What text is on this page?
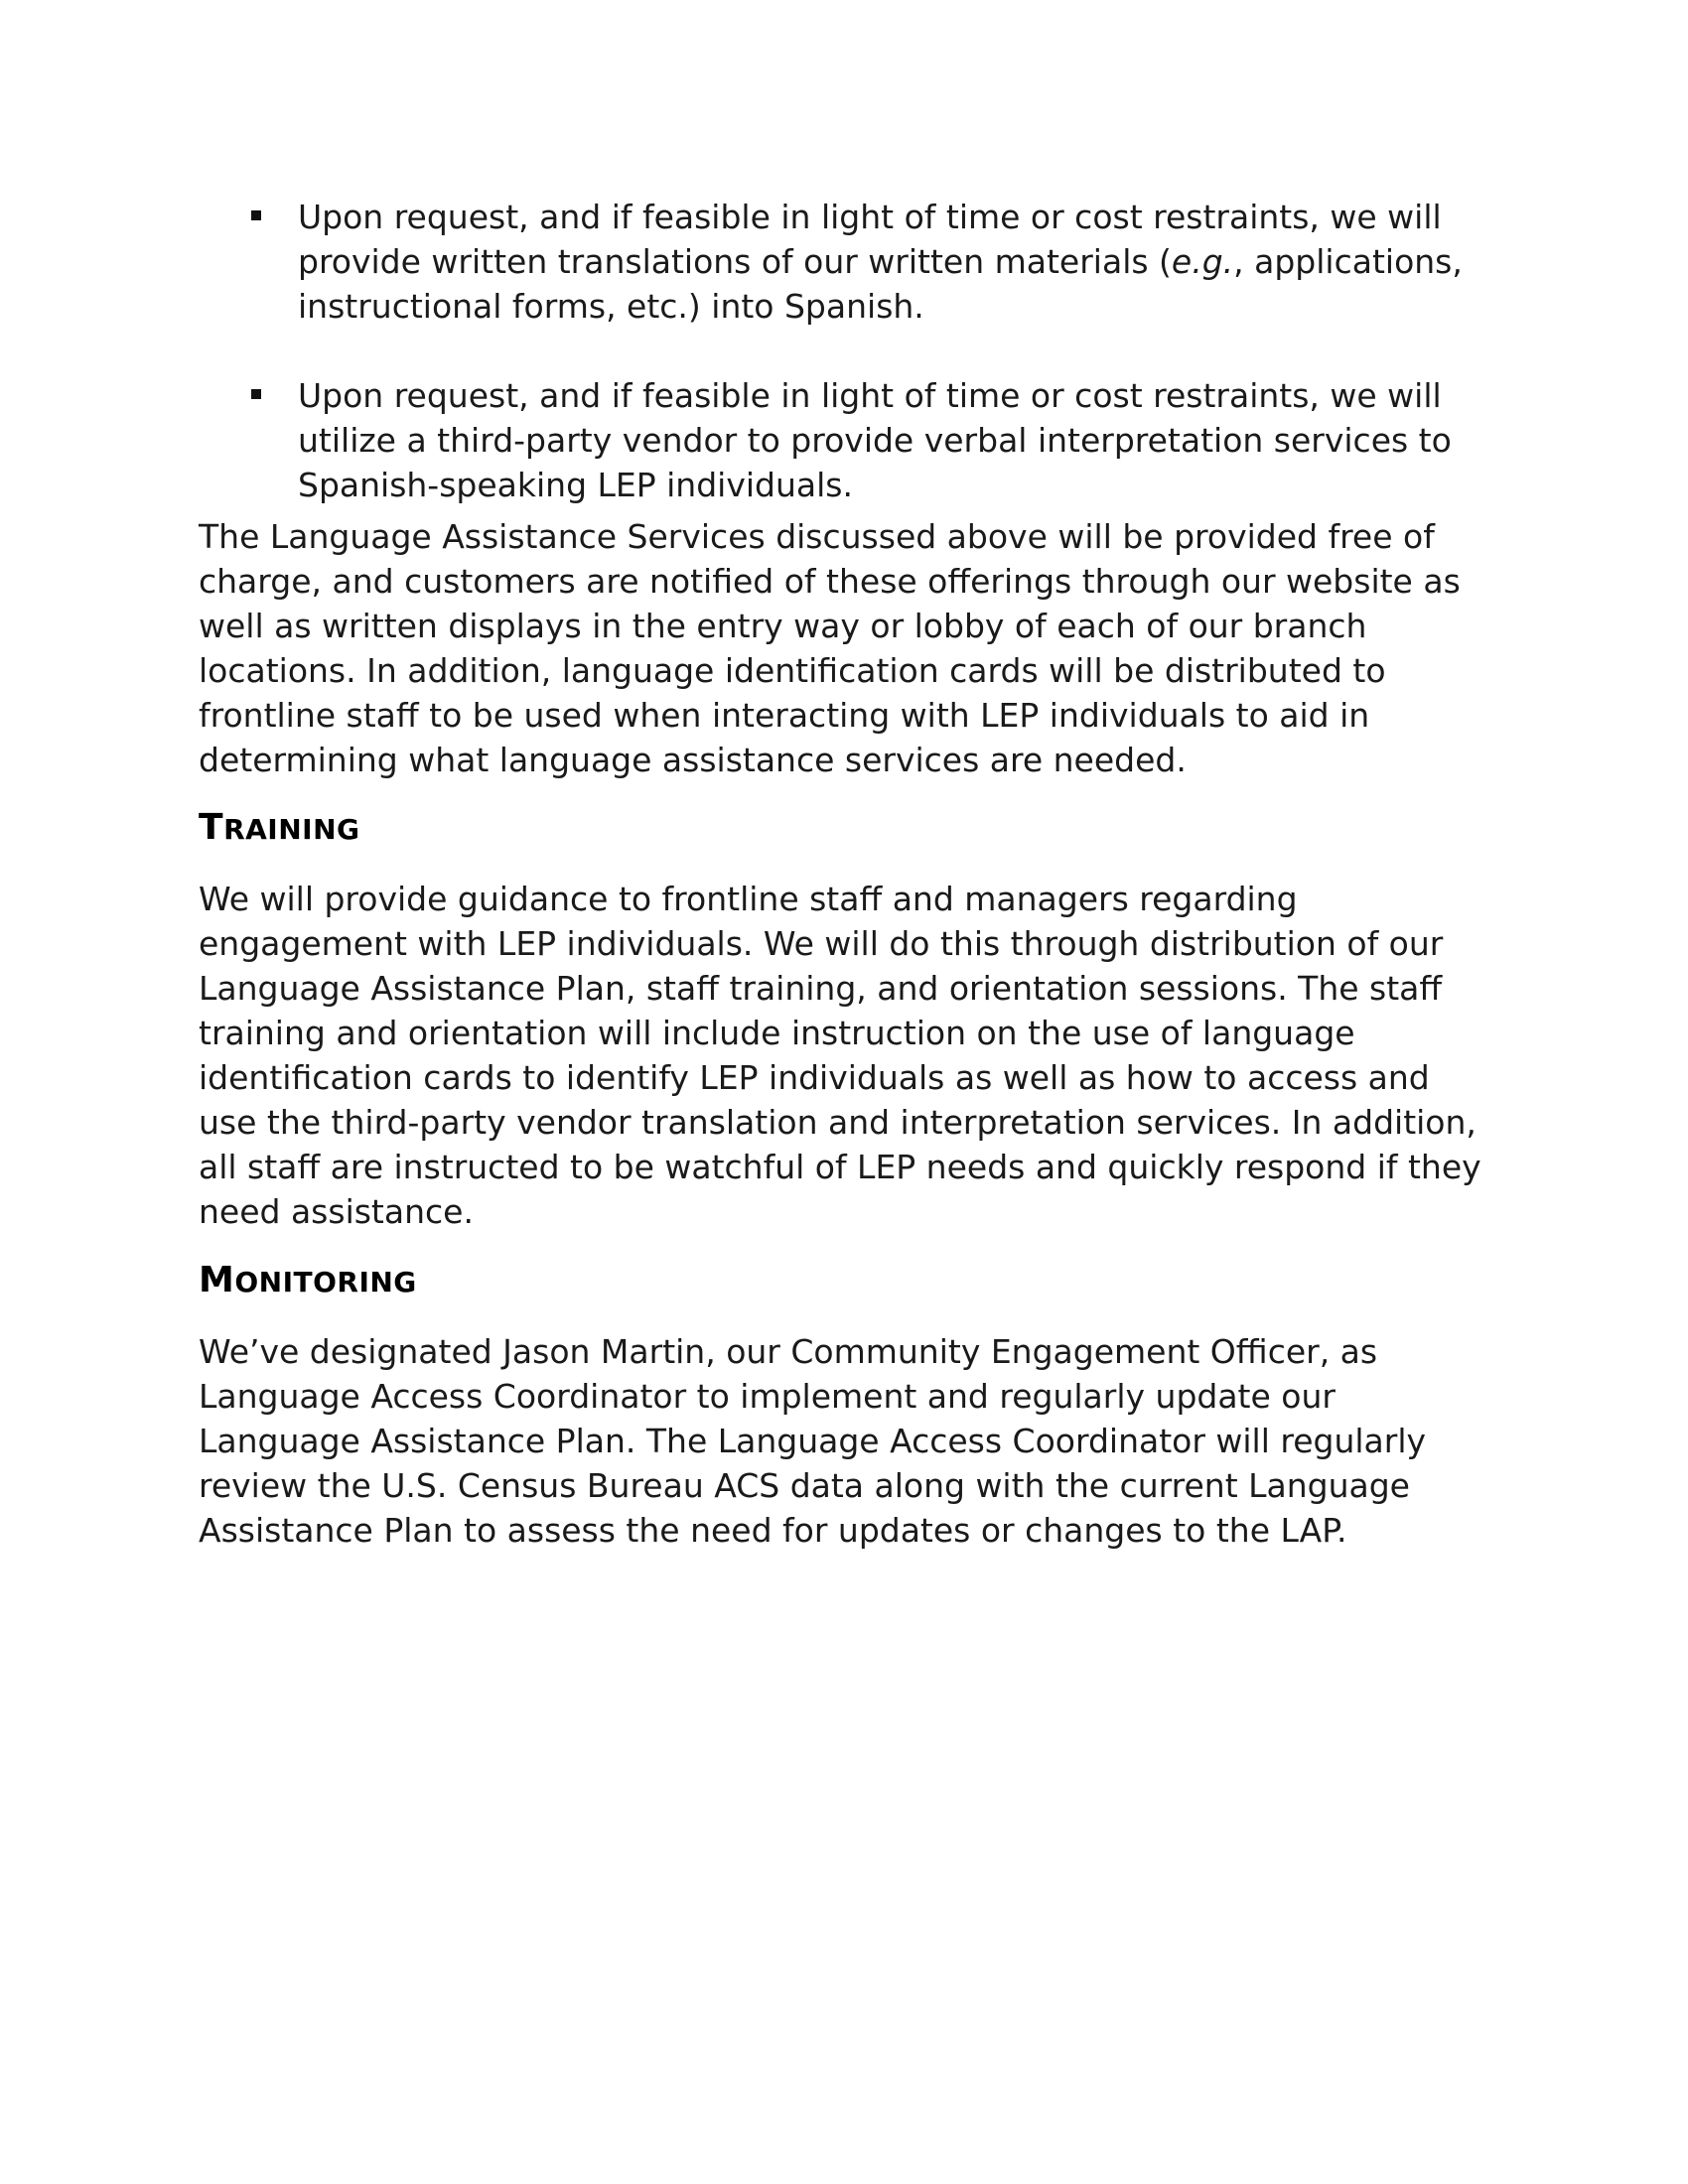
Upon request, and if feasible in light of time or cost restraints, we will provide written translations of our written materials (e.g., applications, instructional forms, etc.) into Spanish.
Upon request, and if feasible in light of time or cost restraints, we will utilize a third-party vendor to provide verbal interpretation services to Spanish-speaking LEP individuals.

The Language Assistance Services discussed above will be provided free of charge, and customers are notified of these offerings through our website as well as written displays in the entry way or lobby of each of our branch locations. In addition, language identification cards will be distributed to frontline staff to be used when interacting with LEP individuals to aid in determining what language assistance services are needed.

TRAINING

We will provide guidance to frontline staff and managers regarding engagement with LEP individuals. We will do this through distribution of our Language Assistance Plan, staff training, and orientation sessions. The staff training and orientation will include instruction on the use of language identification cards to identify LEP individuals as well as how to access and use the third-party vendor translation and interpretation services. In addition, all staff are instructed to be watchful of LEP needs and quickly respond if they need assistance.

MONITORING

We’ve designated Jason Martin, our Community Engagement Officer, as Language Access Coordinator to implement and regularly update our Language Assistance Plan. The Language Access Coordinator will regularly review the U.S. Census Bureau ACS data along with the current Language Assistance Plan to assess the need for updates or changes to the LAP.
